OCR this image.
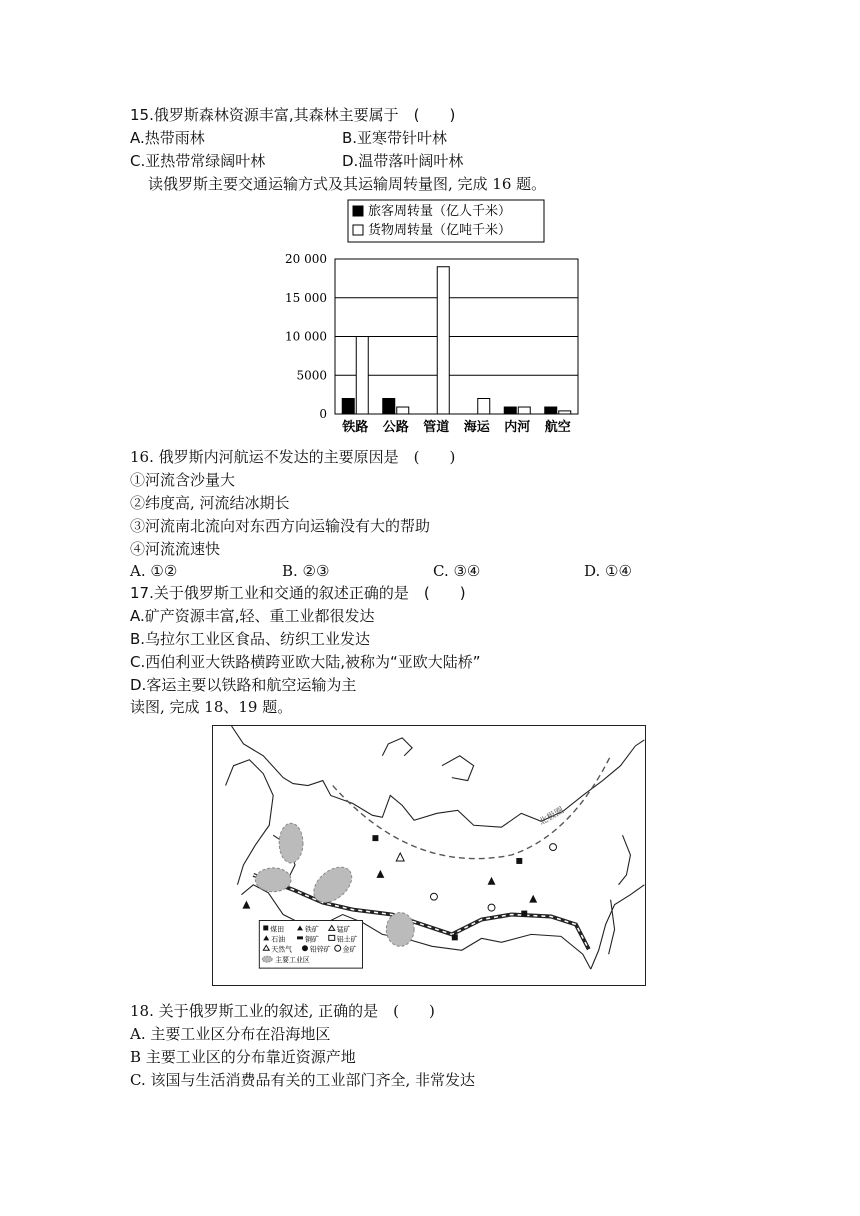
15.俄罗斯森林资源丰富,其森林主要属于　(　　)
A.热带雨林	B.亚寒带针叶林
C.亚热带常绿阔叶林	D.温带落叶阔叶林
读俄罗斯主要交通运输方式及其运输周转量图, 完成 16 题。
旅客周转量（亿人千米）
货物周转量（亿吨千米）
0
5000
10 000
15 000
20 000
铁路 公路 管道 海运 内河 航空
16. 俄罗斯内河航运不发达的主要原因是　(　　)
①河流含沙量大
②纬度高, 河流结冰期长
③河流南北流向对东西方向运输没有大的帮助
④河流流速快
A. ①②	B. ②③	C. ③④	D. ①④
17.关于俄罗斯工业和交通的叙述正确的是　(　　)
A.矿产资源丰富,轻、重工业都很发达
B.乌拉尔工业区食品、纺织工业发达
C.西伯利亚大铁路横跨亚欧大陆,被称为“亚欧大陆桥”
D.客运主要以铁路和航空运输为主
读图, 完成 18、19 题。
北极圈
煤田	铁矿	锰矿
石油	铜矿	铝土矿
天然气	铅锌矿 金矿
主要工业区
18. 关于俄罗斯工业的叙述, 正确的是　(　　)
A. 主要工业区分布在沿海地区
B 主要工业区的分布靠近资源产地
C. 该国与生活消费品有关的工业部门齐全, 非常发达
